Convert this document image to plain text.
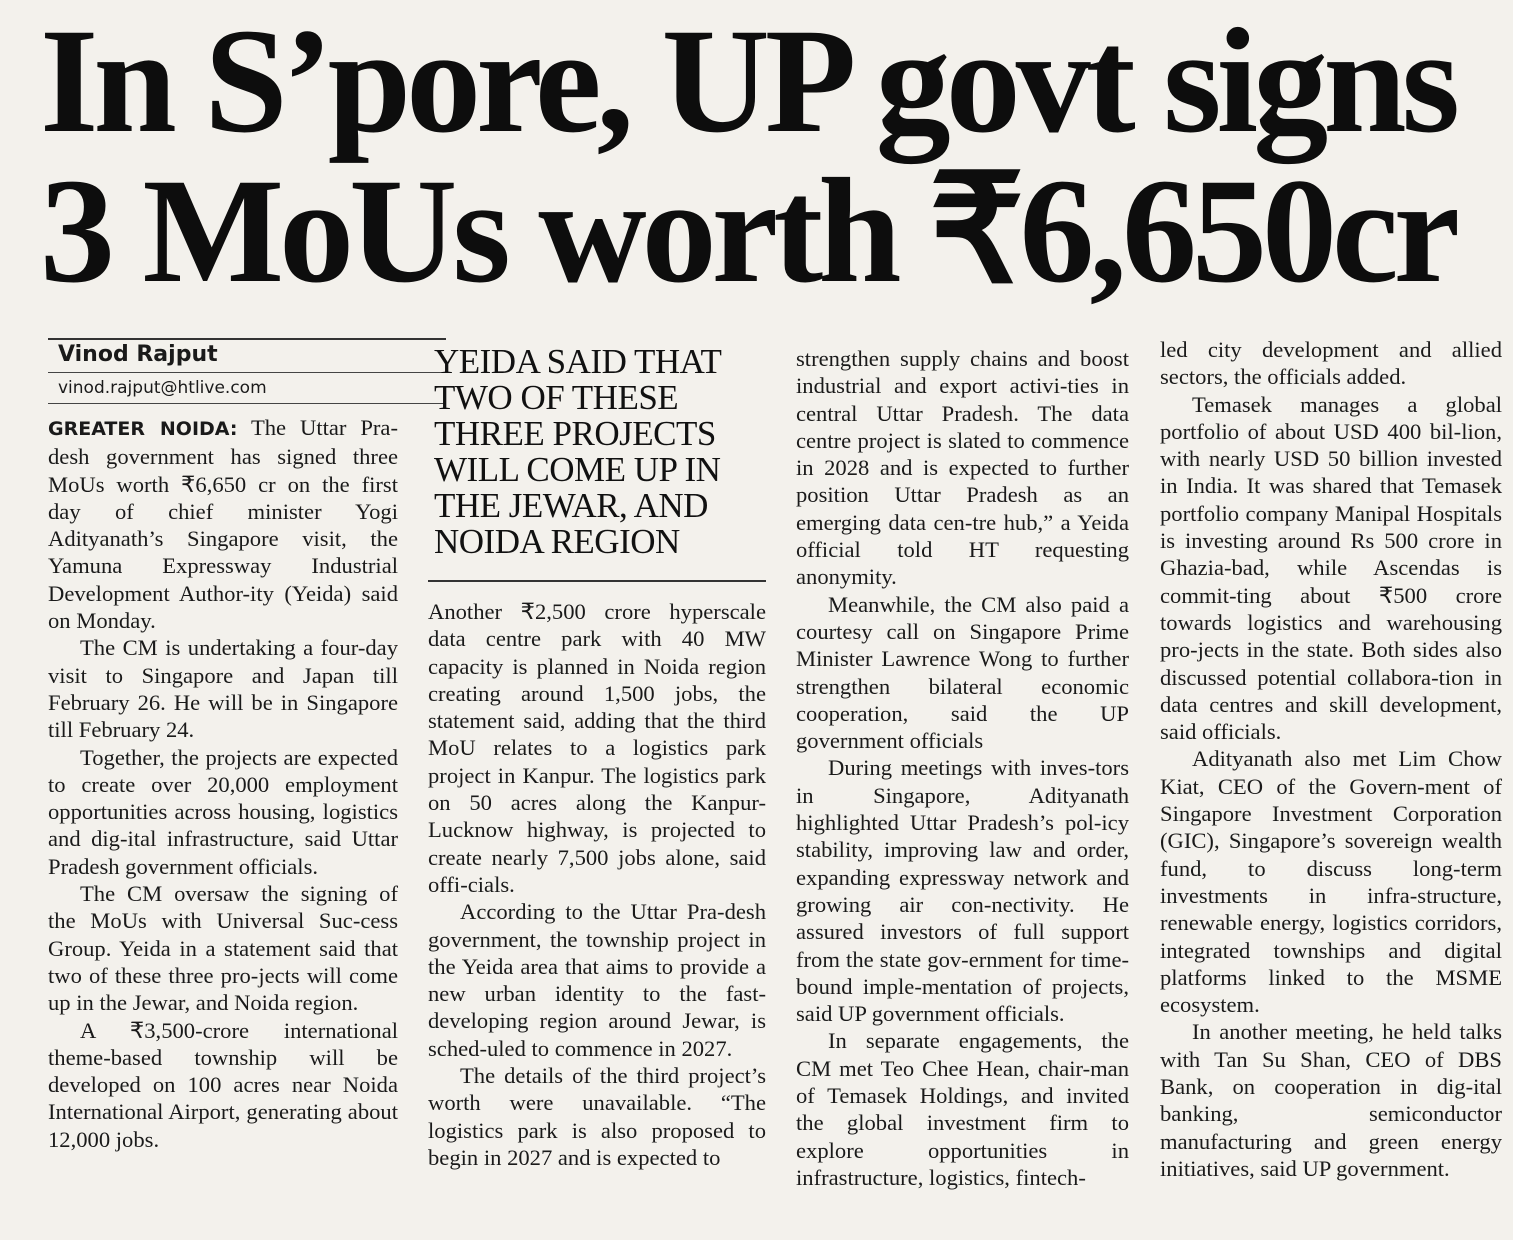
In S’pore, UP govt signs
3 MoUs worth ₹6,650cr
Vinod Rajput
vinod.rajput@htlive.com

GREATER NOIDA: The Uttar Pra-desh government has signed three MoUs worth ₹6,650 cr on the first day of chief minister Yogi Adityanath’s Singapore visit, the Yamuna Expressway Industrial Development Author-ity (Yeida) said on Monday.

The CM is undertaking a four-day visit to Singapore and Japan till February 26. He will be in Singapore till February 24.

Together, the projects are expected to create over 20,000 employment opportunities across housing, logistics and dig-ital infrastructure, said Uttar Pradesh government officials.

The CM oversaw the signing of the MoUs with Universal Suc-cess Group. Yeida in a statement said that two of these three pro-jects will come up in the Jewar, and Noida region.

A ₹3,500-crore international theme-based township will be developed on 100 acres near Noida International Airport, generating about 12,000 jobs.

YEIDA SAID THAT TWO OF THESE THREE PROJECTS WILL COME UP IN THE JEWAR, AND NOIDA REGION

Another ₹2,500 crore hyperscale data centre park with 40 MW capacity is planned in Noida region creating around 1,500 jobs, the statement said, adding that the third MoU relates to a logistics park project in Kanpur. The logistics park on 50 acres along the Kanpur-Lucknow highway, is projected to create nearly 7,500 jobs alone, said offi-cials.

According to the Uttar Pra-desh government, the township project in the Yeida area that aims to provide a new urban identity to the fast-developing region around Jewar, is sched-uled to commence in 2027.

The details of the third project’s worth were unavailable. “The logistics park is also proposed to begin in 2027 and is expected to

strengthen supply chains and boost industrial and export activi-ties in central Uttar Pradesh. The data centre project is slated to commence in 2028 and is expected to further position Uttar Pradesh as an emerging data cen-tre hub,” a Yeida official told HT requesting anonymity.

Meanwhile, the CM also paid a courtesy call on Singapore Prime Minister Lawrence Wong to further strengthen bilateral economic cooperation, said the UP government officials

During meetings with inves-tors in Singapore, Adityanath highlighted Uttar Pradesh’s pol-icy stability, improving law and order, expanding expressway network and growing air con-nectivity. He assured investors of full support from the state gov-ernment for time-bound imple-mentation of projects, said UP government officials.

In separate engagements, the CM met Teo Chee Hean, chair-man of Temasek Holdings, and invited the global investment firm to explore opportunities in infrastructure, logistics, fintech-

led city development and allied sectors, the officials added.

Temasek manages a global portfolio of about USD 400 bil-lion, with nearly USD 50 billion invested in India. It was shared that Temasek portfolio company Manipal Hospitals is investing around Rs 500 crore in Ghazia-bad, while Ascendas is commit-ting about ₹500 crore towards logistics and warehousing pro-jects in the state. Both sides also discussed potential collabora-tion in data centres and skill development, said officials.

Adityanath also met Lim Chow Kiat, CEO of the Govern-ment of Singapore Investment Corporation (GIC), Singapore’s sovereign wealth fund, to discuss long-term investments in infra-structure, renewable energy, logistics corridors, integrated townships and digital platforms linked to the MSME ecosystem.

In another meeting, he held talks with Tan Su Shan, CEO of DBS Bank, on cooperation in dig-ital banking, semiconductor manufacturing and green energy initiatives, said UP government.
